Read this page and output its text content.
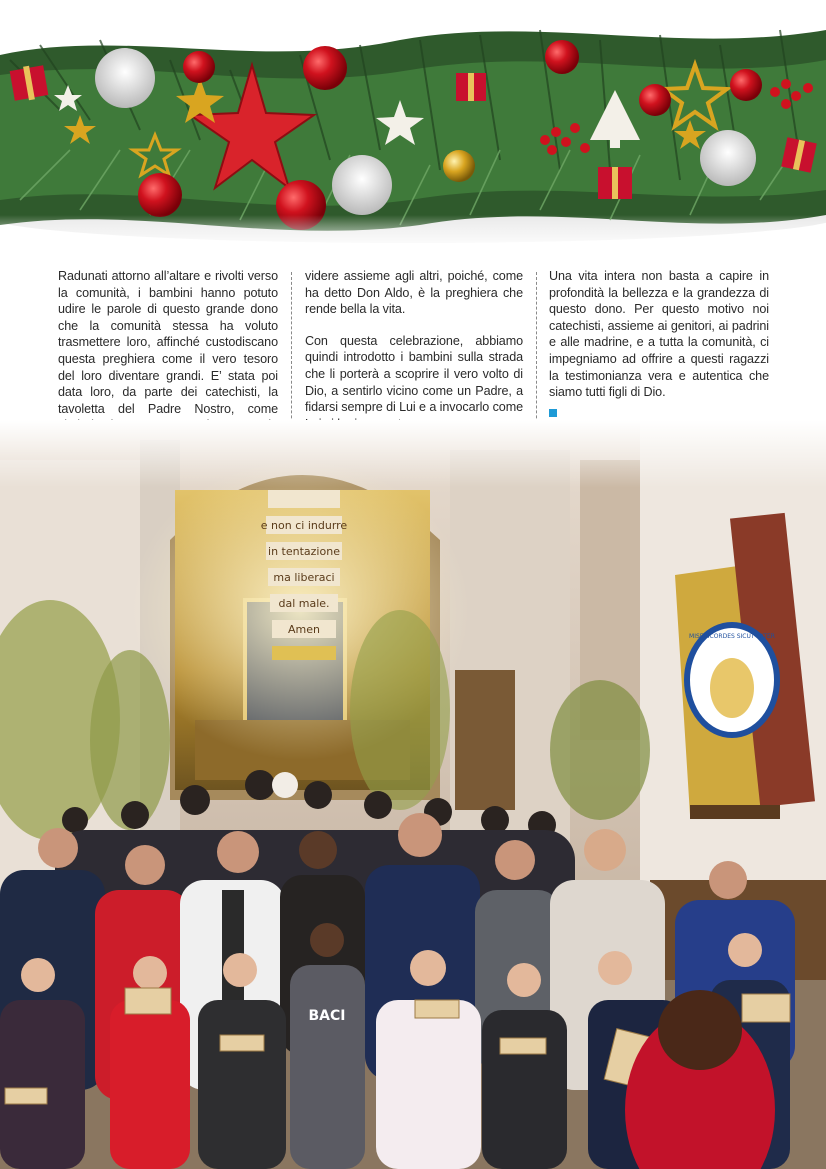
Radunati attorno all’altare e rivolti verso la comunità, i bambini hanno potuto udire le parole di questo grande dono che la comunità stessa ha voluto trasmettere loro, affinché custodiscano questa preghiera come il vero tesoro del loro diventare grandi. E’ stata poi data loro, da parte dei catechisti, la tavoletta del Padre Nostro, come

videre assieme agli altri, poiché, come ha detto Don Aldo, è la preghiera che rende bella la vita.

Con questa celebrazione, abbiamo quindi introdotto i bambini sulla strada che li porterà a scoprire il vero volto di Dio, a sentirlo vicino come un Padre, a fidarsi sempre di Lui e a invocarlo come

Una vita intera non basta a capire in profondità la bellezza e la grandezza di questo dono. Per questo motivo noi catechisti, assieme ai genitori, ai padrini e alle madrine, e a tutta la comunità, ci impegniamo ad offrire a questi ragazzi la testimonianza vera e autentica che siamo tutti figli di Dio.
